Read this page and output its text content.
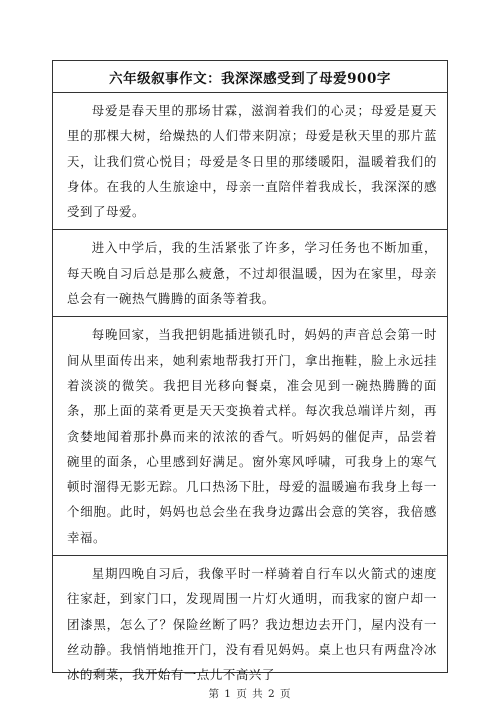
六年级叙事作文：我深深感受到了母爱900字
母爱是春天里的那场甘霖，滋润着我们的心灵；母爱是夏天里的那棵大树，给燥热的人们带来阴凉；母爱是秋天里的那片蓝天，让我们赏心悦目；母爱是冬日里的那缕暖阳，温暖着我们的身体。在我的人生旅途中，母亲一直陪伴着我成长，我深深的感受到了母爱。
进入中学后，我的生活紧张了许多，学习任务也不断加重，每天晚自习后总是那么疲惫，不过却很温暖，因为在家里，母亲总会有一碗热气腾腾的面条等着我。
每晚回家，当我把钥匙插进锁孔时，妈妈的声音总会第一时间从里面传出来，她利索地帮我打开门，拿出拖鞋，脸上永远挂着淡淡的微笑。我把目光移向餐桌，准会见到一碗热腾腾的面条，那上面的菜肴更是天天变换着式样。每次我总端详片刻，再贪婪地闻着那扑鼻而来的浓浓的香气。听妈妈的催促声，品尝着碗里的面条，心里感到好满足。窗外寒风呼啸，可我身上的寒气顿时溜得无影无踪。几口热汤下肚，母爱的温暖遍布我身上每一个细胞。此时，妈妈也总会坐在我身边露出会意的笑容，我倍感幸福。
星期四晚自习后，我像平时一样骑着自行车以火箭式的速度往家赶，到家门口，发现周围一片灯火通明，而我家的窗户却一团漆黑，怎么了？保险丝断了吗？我边想边去开门，屋内没有一丝动静。我悄悄地推开门，没有看见妈妈。桌上也只有两盘冷冰冰的剩菜，我开始有一点儿不高兴了
第 1 页 共 2 页
